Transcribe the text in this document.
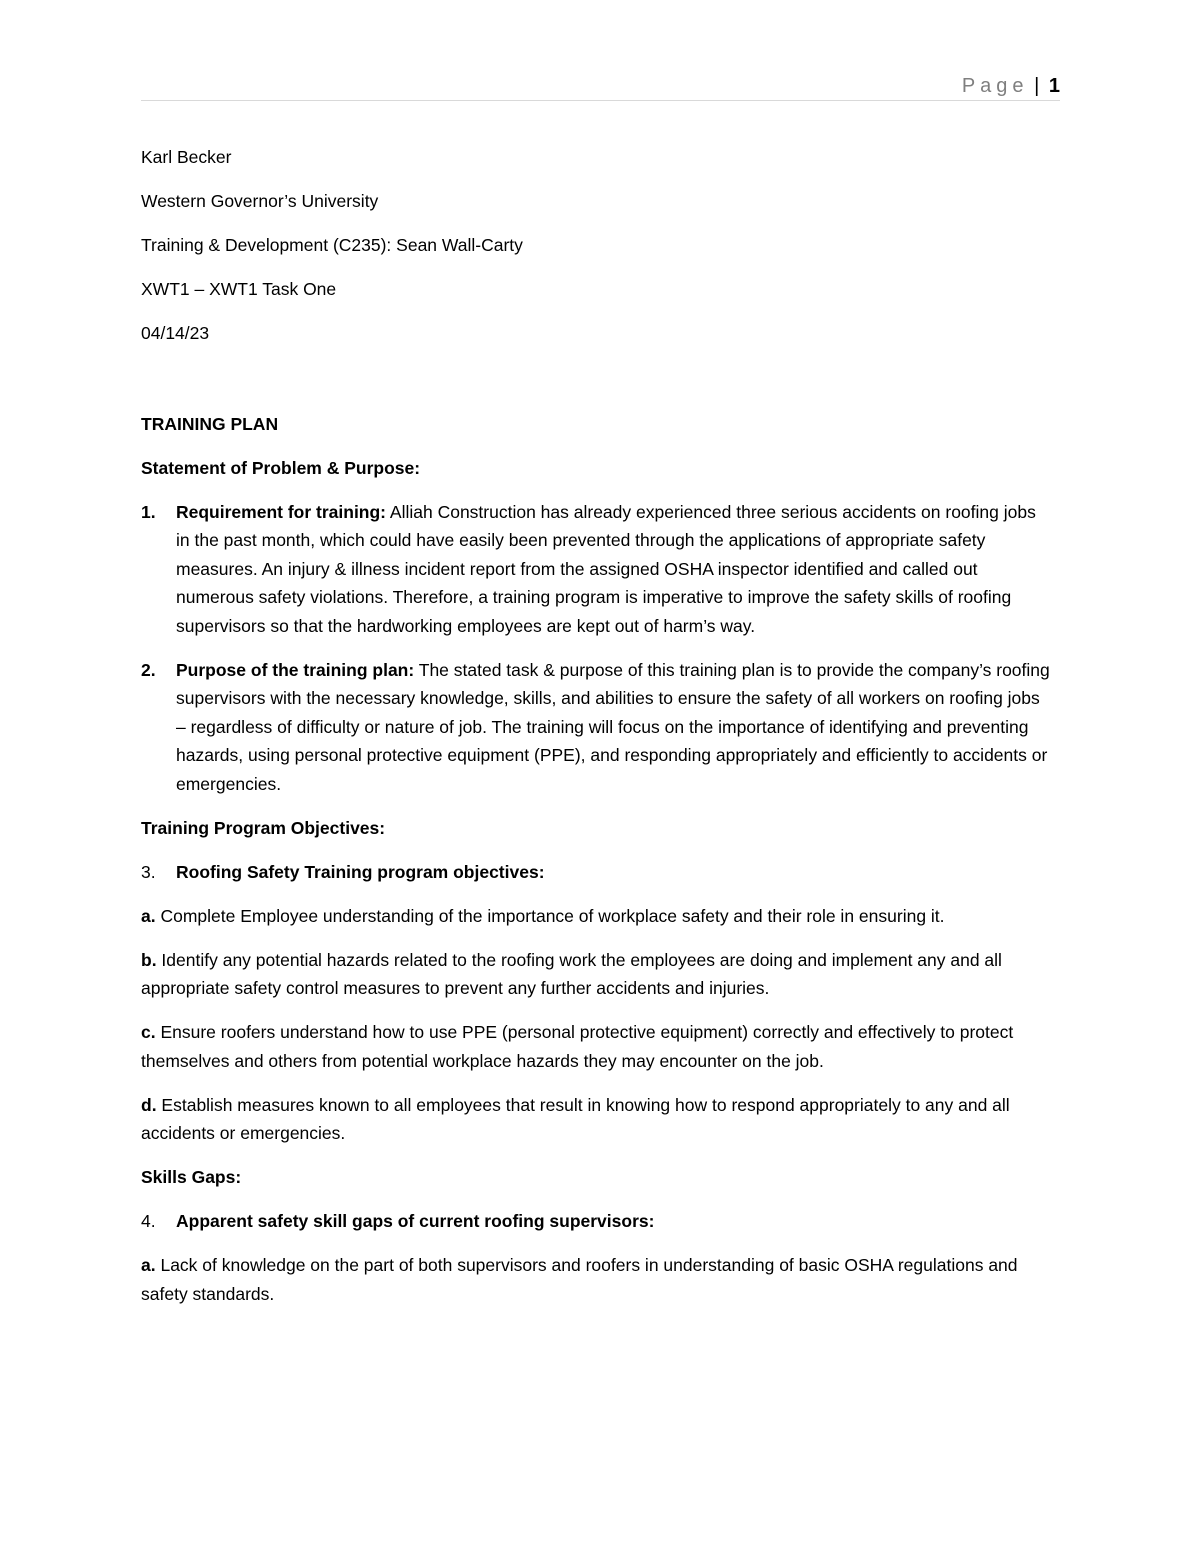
Page | 1
Karl Becker
Western Governor’s University
Training & Development (C235): Sean Wall-Carty
XWT1 – XWT1 Task One
04/14/23
TRAINING PLAN
Statement of Problem & Purpose:
1. Requirement for training: Alliah Construction has already experienced three serious accidents on roofing jobs in the past month, which could have easily been prevented through the applications of appropriate safety measures. An injury & illness incident report from the assigned OSHA inspector identified and called out numerous safety violations. Therefore, a training program is imperative to improve the safety skills of roofing supervisors so that the hardworking employees are kept out of harm’s way.
2. Purpose of the training plan: The stated task & purpose of this training plan is to provide the company’s roofing supervisors with the necessary knowledge, skills, and abilities to ensure the safety of all workers on roofing jobs – regardless of difficulty or nature of job. The training will focus on the importance of identifying and preventing hazards, using personal protective equipment (PPE), and responding appropriately and efficiently to accidents or emergencies.
Training Program Objectives:
3. Roofing Safety Training program objectives:
a. Complete Employee understanding of the importance of workplace safety and their role in ensuring it.
b. Identify any potential hazards related to the roofing work the employees are doing and implement any and all appropriate safety control measures to prevent any further accidents and injuries.
c. Ensure roofers understand how to use PPE (personal protective equipment) correctly and effectively to protect themselves and others from potential workplace hazards they may encounter on the job.
d. Establish measures known to all employees that result in knowing how to respond appropriately to any and all accidents or emergencies.
Skills Gaps:
4. Apparent safety skill gaps of current roofing supervisors:
a. Lack of knowledge on the part of both supervisors and roofers in understanding of basic OSHA regulations and safety standards.
